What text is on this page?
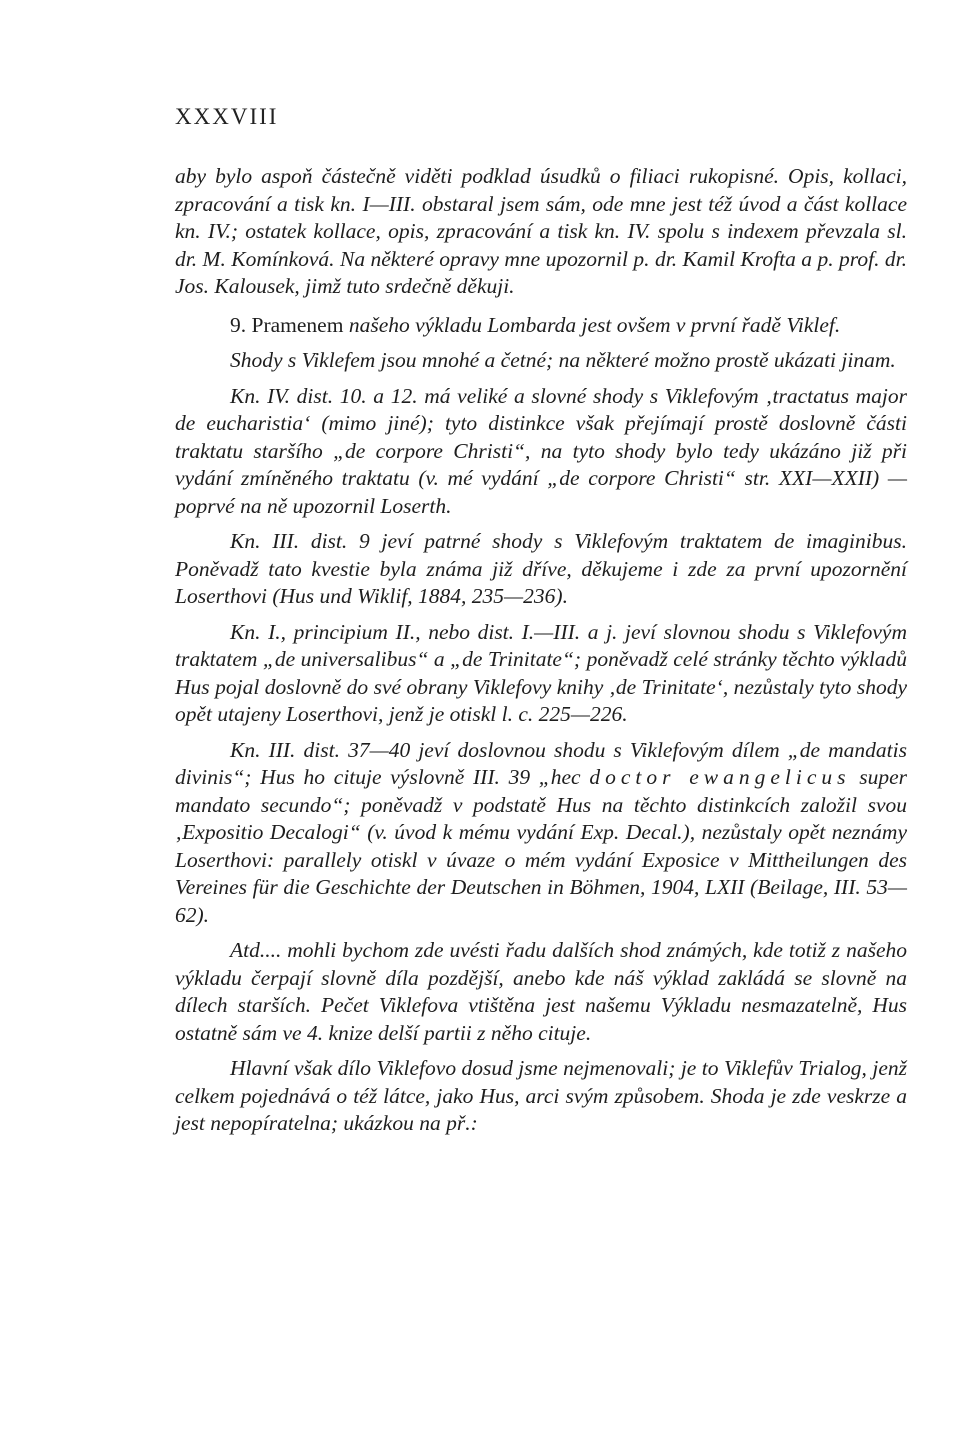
XXXVIII

aby bylo aspoň částečně viděti podklad úsudků o filiaci rukopisné. Opis, kollaci, zpracování a tisk kn. I—III. obstaral jsem sám, ode mne jest též úvod a část kollace kn. IV.; ostatek kollace, opis, zpracování a tisk kn. IV. spolu s indexem převzala sl. dr. M. Komínková. Na některé opravy mne upozornil p. dr. Kamil Krofta a p. prof. dr. Jos. Kalousek, jimž tuto srdečně děkuji.

9. Pramenem našeho výkladu Lombarda jest ovšem v první řadě Viklef.

Shody s Viklefem jsou mnohé a četné; na některé možno prostě ukázati jinam.

Kn. IV. dist. 10. a 12. má veliké a slovné shody s Viklefovým ‚tractatus major de eucharistia‘ (mimo jiné); tyto distinkce však přejímají prostě doslovně části traktatu staršího „de corpore Christi“, na tyto shody bylo tedy ukázáno již při vydání zmíněného traktatu (v. mé vydání „de corpore Christi“ str. XXI—XXII) — poprvé na ně upozornil Loserth.

Kn. III. dist. 9 jeví patrné shody s Viklefovým traktatem de imaginibus. Poněvadž tato kvestie byla známa již dříve, děkujeme i zde za první upozornění Loserthovi (Hus und Wiklif, 1884, 235—236).

Kn. I., principium II., nebo dist. I.—III. a j. jeví slovnou shodu s Viklefovým traktatem „de universalibus“ a „de Trinitate“; poněvadž celé stránky těchto výkladů Hus pojal doslovně do své obrany Viklefovy knihy ‚de Trinitate‘, nezůstaly tyto shody opět utajeny Loserthovi, jenž je otiskl l. c. 225—226.

Kn. III. dist. 37—40 jeví doslovnou shodu s Viklefovým dílem „de mandatis divinis“; Hus ho cituje výslovně III. 39 „hec doctor ewangelicus super mandato secundo“; poněvadž v podstatě Hus na těchto distinkcích založil svou ‚Expositio Decalogi“ (v. úvod k mému vydání Exp. Decal.), nezůstaly opět neznámy Loserthovi: parallely otiskl v úvaze o mém vydání Exposice v Mittheilungen des Vereines für die Geschichte der Deutschen in Böhmen, 1904, LXII (Beilage, III. 53—62).

Atd.... mohli bychom zde uvésti řadu dalších shod známých, kde totiž z našeho výkladu čerpají slovně díla pozdější, anebo kde náš výklad zakládá se slovně na dílech starších. Pečet Viklefova vtištěna jest našemu Výkladu nesmazatelně, Hus ostatně sám ve 4. knize delší partii z něho cituje.

Hlavní však dílo Viklefovo dosud jsme nejmenovali; je to Viklefův Trialog, jenž celkem pojednává o též látce, jako Hus, arci svým způsobem. Shoda je zde veskrze a jest nepopíratelna; ukázkou na př.:
